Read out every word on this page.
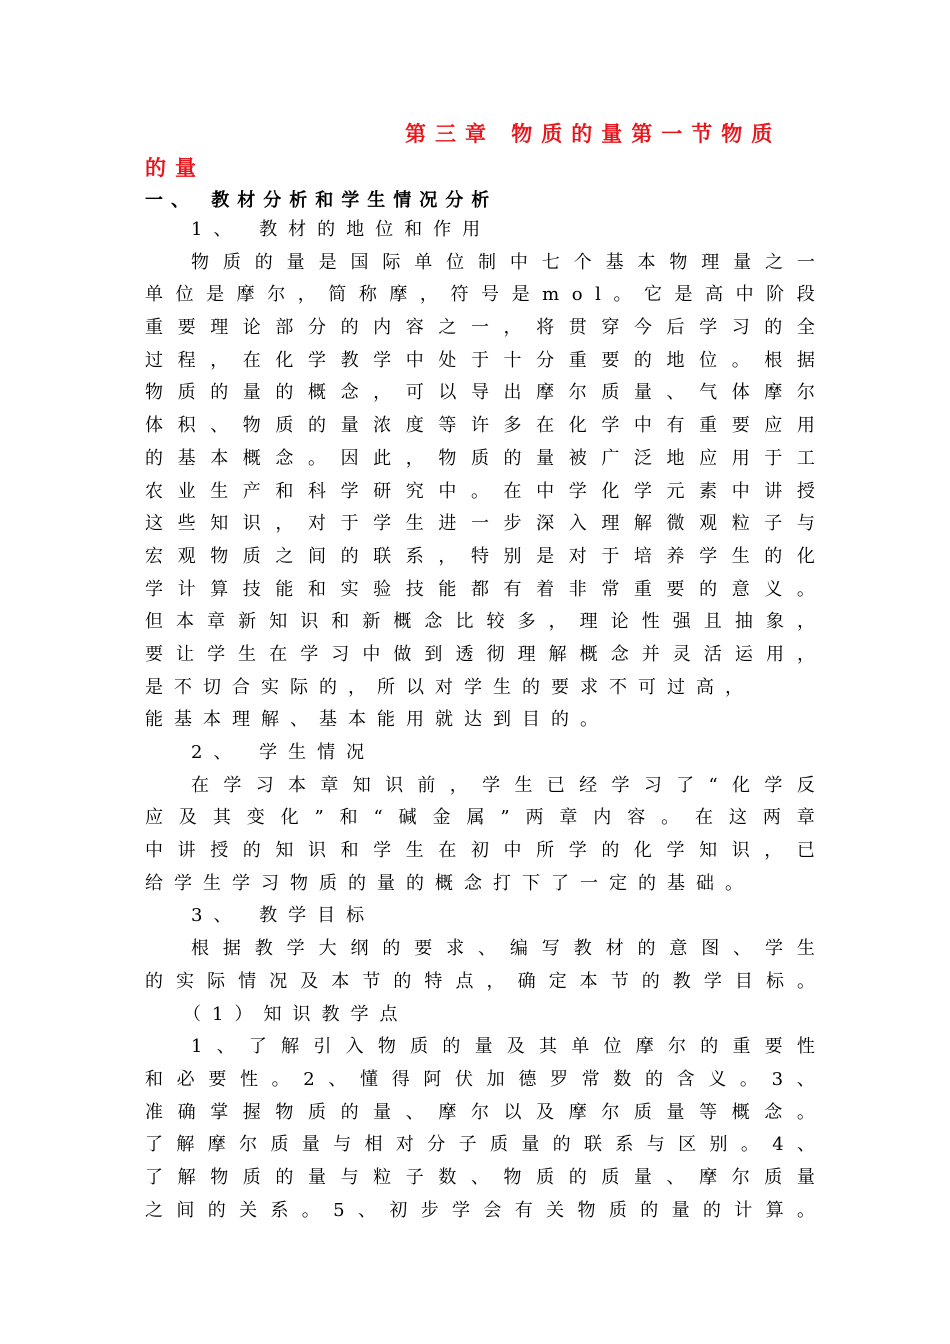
第三章 物质的量第一节物质
的量
一、 教材分析和学生情况分析
1、 教材的地位和作用
物 质 的 量 是 国 际 单 位 制 中 七 个 基 本 物 理 量 之 一
单 位 是 摩 尔 ， 简 称 摩 ， 符 号 是 m o l 。 它 是 高 中 阶 段
重 要 理 论 部 分 的 内 容 之 一 ， 将 贯 穿 今 后 学 习 的 全
过 程 ， 在 化 学 教 学 中 处 于 十 分 重 要 的 地 位 。 根 据
物 质 的 量 的 概 念 ， 可 以 导 出 摩 尔 质 量 、 气 体 摩 尔
体 积 、 物 质 的 量 浓 度 等 许 多 在 化 学 中 有 重 要 应 用
的 基 本 概 念 。 因 此 ， 物 质 的 量 被 广 泛 地 应 用 于 工
农 业 生 产 和 科 学 研 究 中 。 在 中 学 化 学 元 素 中 讲 授
这 些 知 识 ， 对 于 学 生 进 一 步 深 入 理 解 微 观 粒 子 与
宏 观 物 质 之 间 的 联 系 ， 特 别 是 对 于 培 养 学 生 的 化
学 计 算 技 能 和 实 验 技 能 都 有 着 非 常 重 要 的 意 义 。
但 本 章 新 知 识 和 新 概 念 比 较 多 ， 理 论 性 强 且 抽 象 ，
要 让 学 生 在 学 习 中 做 到 透 彻 理 解 概 念 并 灵 活 运 用 ，
是不切合实际的，所以对学生的要求不可过高，
能基本理解、基本能用就达到目的。
2、 学生情况
在 学 习 本 章 知 识 前 ， 学 生 已 经 学 习 了 “ 化 学 反
应 及 其 变 化 ” 和 “ 碱 金 属 ” 两 章 内 容 。 在 这 两 章
中 讲 授 的 知 识 和 学 生 在 初 中 所 学 的 化 学 知 识 ， 已
给学生学习物质的量的概念打下了一定的基础。
3、 教学目标
根 据 教 学 大 纲 的 要 求 、 编 写 教 材 的 意 图 、 学 生
的 实 际 情 况 及 本 节 的 特 点 ， 确 定 本 节 的 教 学 目 标 。
（1）知识教学点
1 、 了 解 引 入 物 质 的 量 及 其 单 位 摩 尔 的 重 要 性
和 必 要 性 。 2 、 懂 得 阿 伏 加 德 罗 常 数 的 含 义 。 3 、
准 确 掌 握 物 质 的 量 、 摩 尔 以 及 摩 尔 质 量 等 概 念 。
了 解 摩 尔 质 量 与 相 对 分 子 质 量 的 联 系 与 区 别 。 4 、
了 解 物 质 的 量 与 粒 子 数 、 物 质 的 质 量 、 摩 尔 质 量
之 间 的 关 系 。 5 、 初 步 学 会 有 关 物 质 的 量 的 计 算 。
